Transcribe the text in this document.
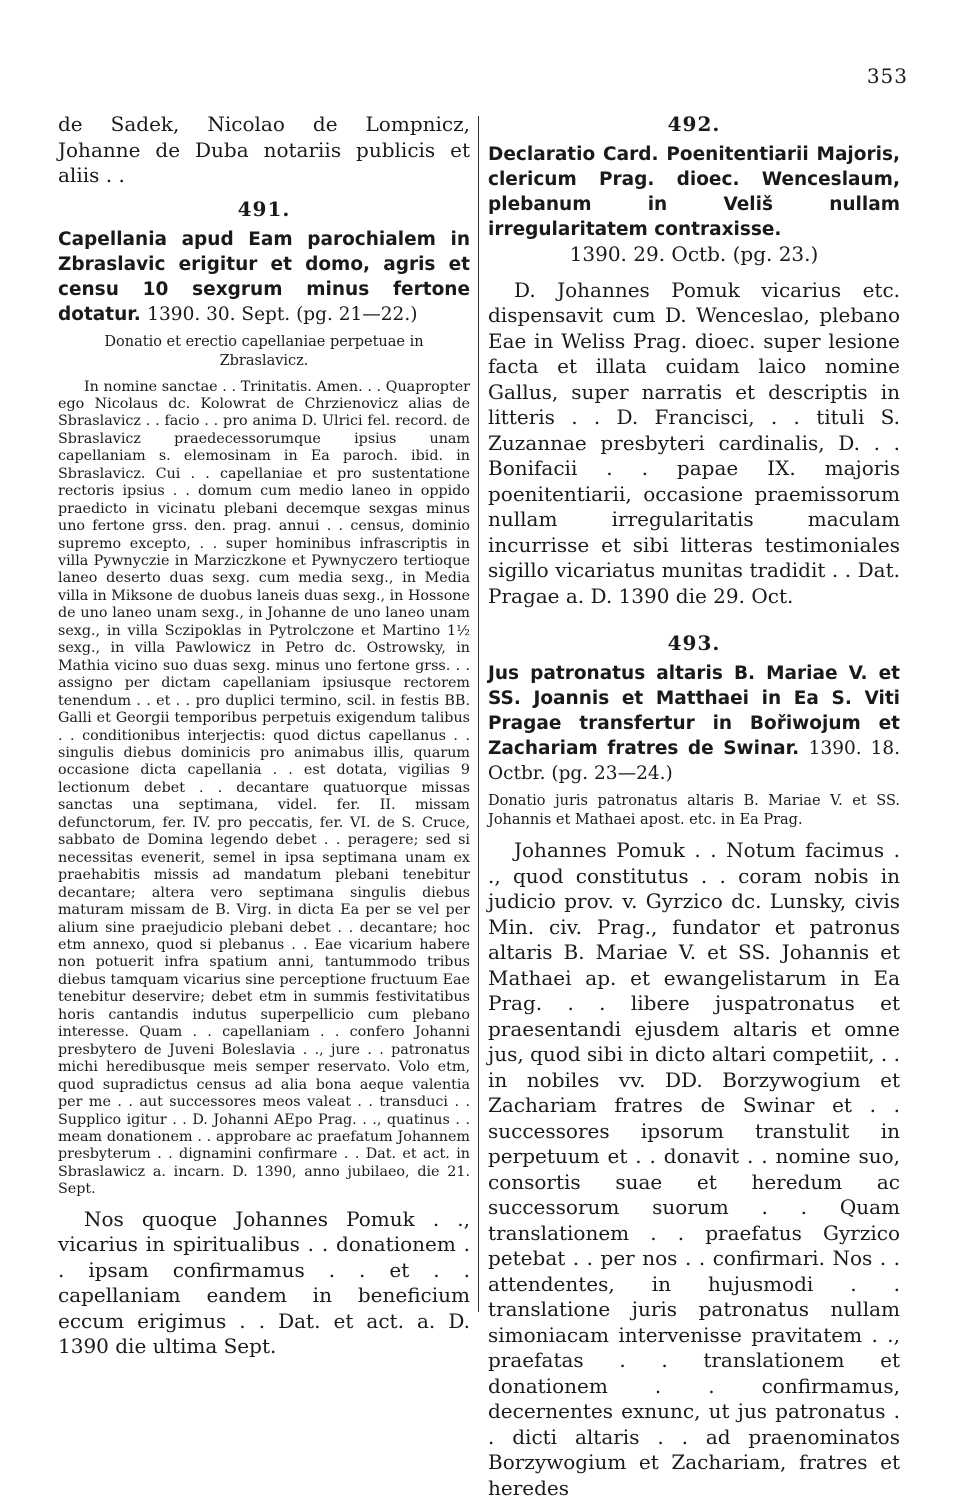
353

de Sadek, Nicolao de Lompnicz, Johanne de Duba notariis publicis et aliis . .

491.

Capellania apud Eam parochialem in Zbraslavic erigitur et domo, agris et censu 10 sexgrum minus fertone dotatur. 1390. 30. Sept. (pg. 21—22.)

Donatio et erectio capellaniae perpetuae in Zbraslavicz.

In nomine sanctae . . Trinitatis. Amen. . . Quapropter ego Nicolaus dc. Kolowrat de Chrzienovicz alias de Sbraslavicz . . facio . . pro anima D. Ulrici fel. record. de Sbraslavicz praedecessorumque ipsius unam capellaniam s. elemosinam in Ea paroch. ibid. in Sbraslavicz. Cui . . capellaniae et pro sustentatione rectoris ipsius . . domum cum medio laneo in oppido praedicto in vicinatu plebani decemque sexgas minus uno fertone grss. den. prag. annui . . census, dominio supremo excepto, . . super hominibus infrascriptis in villa Pywnyczie in Marziczkone et Pywnyczero tertioque laneo deserto duas sexg. cum media sexg., in Media villa in Miksone de duobus laneis duas sexg., in Hossone de uno laneo unam sexg., in Johanne de uno laneo unam sexg., in villa Sczipoklas in Pytrolczone et Martino 1½ sexg., in villa Pawlowicz in Petro dc. Ostrowsky, in Mathia vicino suo duas sexg. minus uno fertone grss. . . assigno per dictam capellaniam ipsiusque rectorem tenendum . . et . . pro duplici termino, scil. in festis BB. Galli et Georgii temporibus perpetuis exigendum talibus . . conditionibus interjectis: quod dictus capellanus . . singulis diebus dominicis pro animabus illis, quarum occasione dicta capellania . . est dotata, vigilias 9 lectionum debet . . decantare quatuorque missas sanctas una septimana, videl. fer. II. missam defunctorum, fer. IV. pro peccatis, fer. VI. de S. Cruce, sabbato de Domina legendo debet . . peragere; sed si necessitas evenerit, semel in ipsa septimana unam ex praehabitis missis ad mandatum plebani tenebitur decantare; altera vero septimana singulis diebus maturam missam de B. Virg. in dicta Ea per se vel per alium sine praejudicio plebani debet . . decantare; hoc etm annexo, quod si plebanus . . Eae vicarium habere non potuerit infra spatium anni, tantummodo tribus diebus tamquam vicarius sine perceptione fructuum Eae tenebitur deservire; debet etm in summis festivitatibus horis cantandis indutus superpellicio cum plebano interesse. Quam . . capellaniam . . confero Johanni presbytero de Juveni Boleslavia . ., jure . . patronatus michi heredibusque meis semper reservato. Volo etm, quod supradictus census ad alia bona aeque valentia per me . . aut successores meos valeat . . transduci . . Supplico igitur . . D. Johanni AEpo Prag. . ., quatinus . . meam donationem . . approbare ac praefatum Johannem presbyterum . . dignamini confirmare . . Dat. et act. in Sbraslawicz a. incarn. D. 1390, anno jubilaeo, die 21. Sept.

Nos quoque Johannes Pomuk . ., vicarius in spiritualibus . . donationem . . ipsam confirmamus . . et . . capellaniam eandem in beneficium eccum erigimus . . Dat. et act. a. D. 1390 die ultima Sept.

492.

Declaratio Card. Poenitentiarii Majoris, clericum Prag. dioec. Wenceslaum, plebanum in Veliš nullam irregularitatem contraxisse.

1390. 29. Octb. (pg. 23.)

D. Johannes Pomuk vicarius etc. dispensavit cum D. Wenceslao, plebano Eae in Weliss Prag. dioec. super lesione facta et illata cuidam laico nomine Gallus, super narratis et descriptis in litteris . . D. Francisci, . . tituli S. Zuzannae presbyteri cardinalis, D. . . Bonifacii . . papae IX. majoris poenitentiarii, occasione praemissorum nullam irregularitatis maculam incurrisse et sibi litteras testimoniales sigillo vicariatus munitas tradidit . . Dat. Pragae a. D. 1390 die 29. Oct.

493.

Jus patronatus altaris B. Mariae V. et SS. Joannis et Matthaei in Ea S. Viti Pragae transfertur in Bořiwojum et Zachariam fratres de Swinar. 1390. 18. Octbr. (pg. 23—24.)

Donatio juris patronatus altaris B. Mariae V. et SS. Johannis et Mathaei apost. etc. in Ea Prag.

Johannes Pomuk . . Notum facimus . ., quod constitutus . . coram nobis in judicio prov. v. Gyrzico dc. Lunsky, civis Min. civ. Prag., fundator et patronus altaris B. Mariae V. et SS. Johannis et Mathaei ap. et ewangelistarum in Ea Prag. . . libere juspatronatus et praesentandi ejusdem altaris et omne jus, quod sibi in dicto altari competiit, . . in nobiles vv. DD. Borzywogium et Zachariam fratres de Swinar et . . successores ipsorum transtulit in perpetuum et . . donavit . . nomine suo, consortis suae et heredum ac successorum suorum . . Quam translationem . . praefatus Gyrzico petebat . . per nos . . confirmari. Nos . . attendentes, in hujusmodi . . translatione juris patronatus nullam simoniacam intervenisse pravitatem . ., praefatas . . translationem et donationem . . confirmamus, decernentes exnunc, ut jus patronatus . . dicti altaris . . ad praenominatos Borzywogium et Zachariam, fratres et heredes
